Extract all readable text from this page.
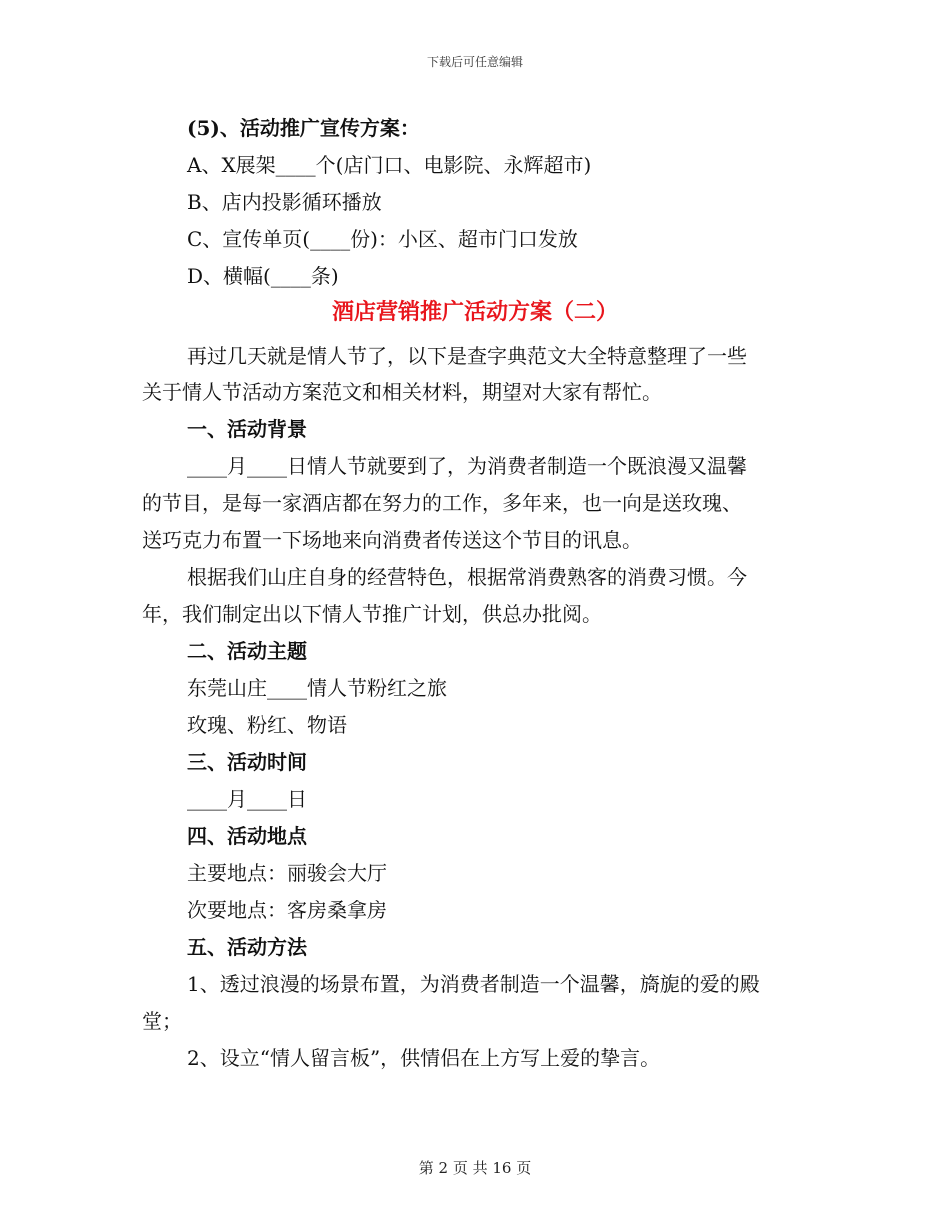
下载后可任意编辑
(5)、活动推广宣传方案：
A、X展架____个(店门口、电影院、永辉超市)
B、店内投影循环播放
C、宣传单页(____份)：小区、超市门口发放
D、横幅(____条)
酒店营销推广活动方案（二）
再过几天就是情人节了，以下是查字典范文大全特意整理了一些
关于情人节活动方案范文和相关材料，期望对大家有帮忙。
一、活动背景
____月____日情人节就要到了，为消费者制造一个既浪漫又温馨
的节目，是每一家酒店都在努力的工作，多年来，也一向是送玫瑰、
送巧克力布置一下场地来向消费者传送这个节目的讯息。
根据我们山庄自身的经营特色，根据常消费熟客的消费习惯。今
年，我们制定出以下情人节推广计划，供总办批阅。
二、活动主题
东莞山庄____情人节粉红之旅
玫瑰、粉红、物语
三、活动时间
____月____日
四、活动地点
主要地点：丽骏会大厅
次要地点：客房桑拿房
五、活动方法
1、透过浪漫的场景布置，为消费者制造一个温馨，旖旎的爱的殿
堂；
2、设立“情人留言板”，供情侣在上方写上爱的挚言。
第 2 页 共 16 页
